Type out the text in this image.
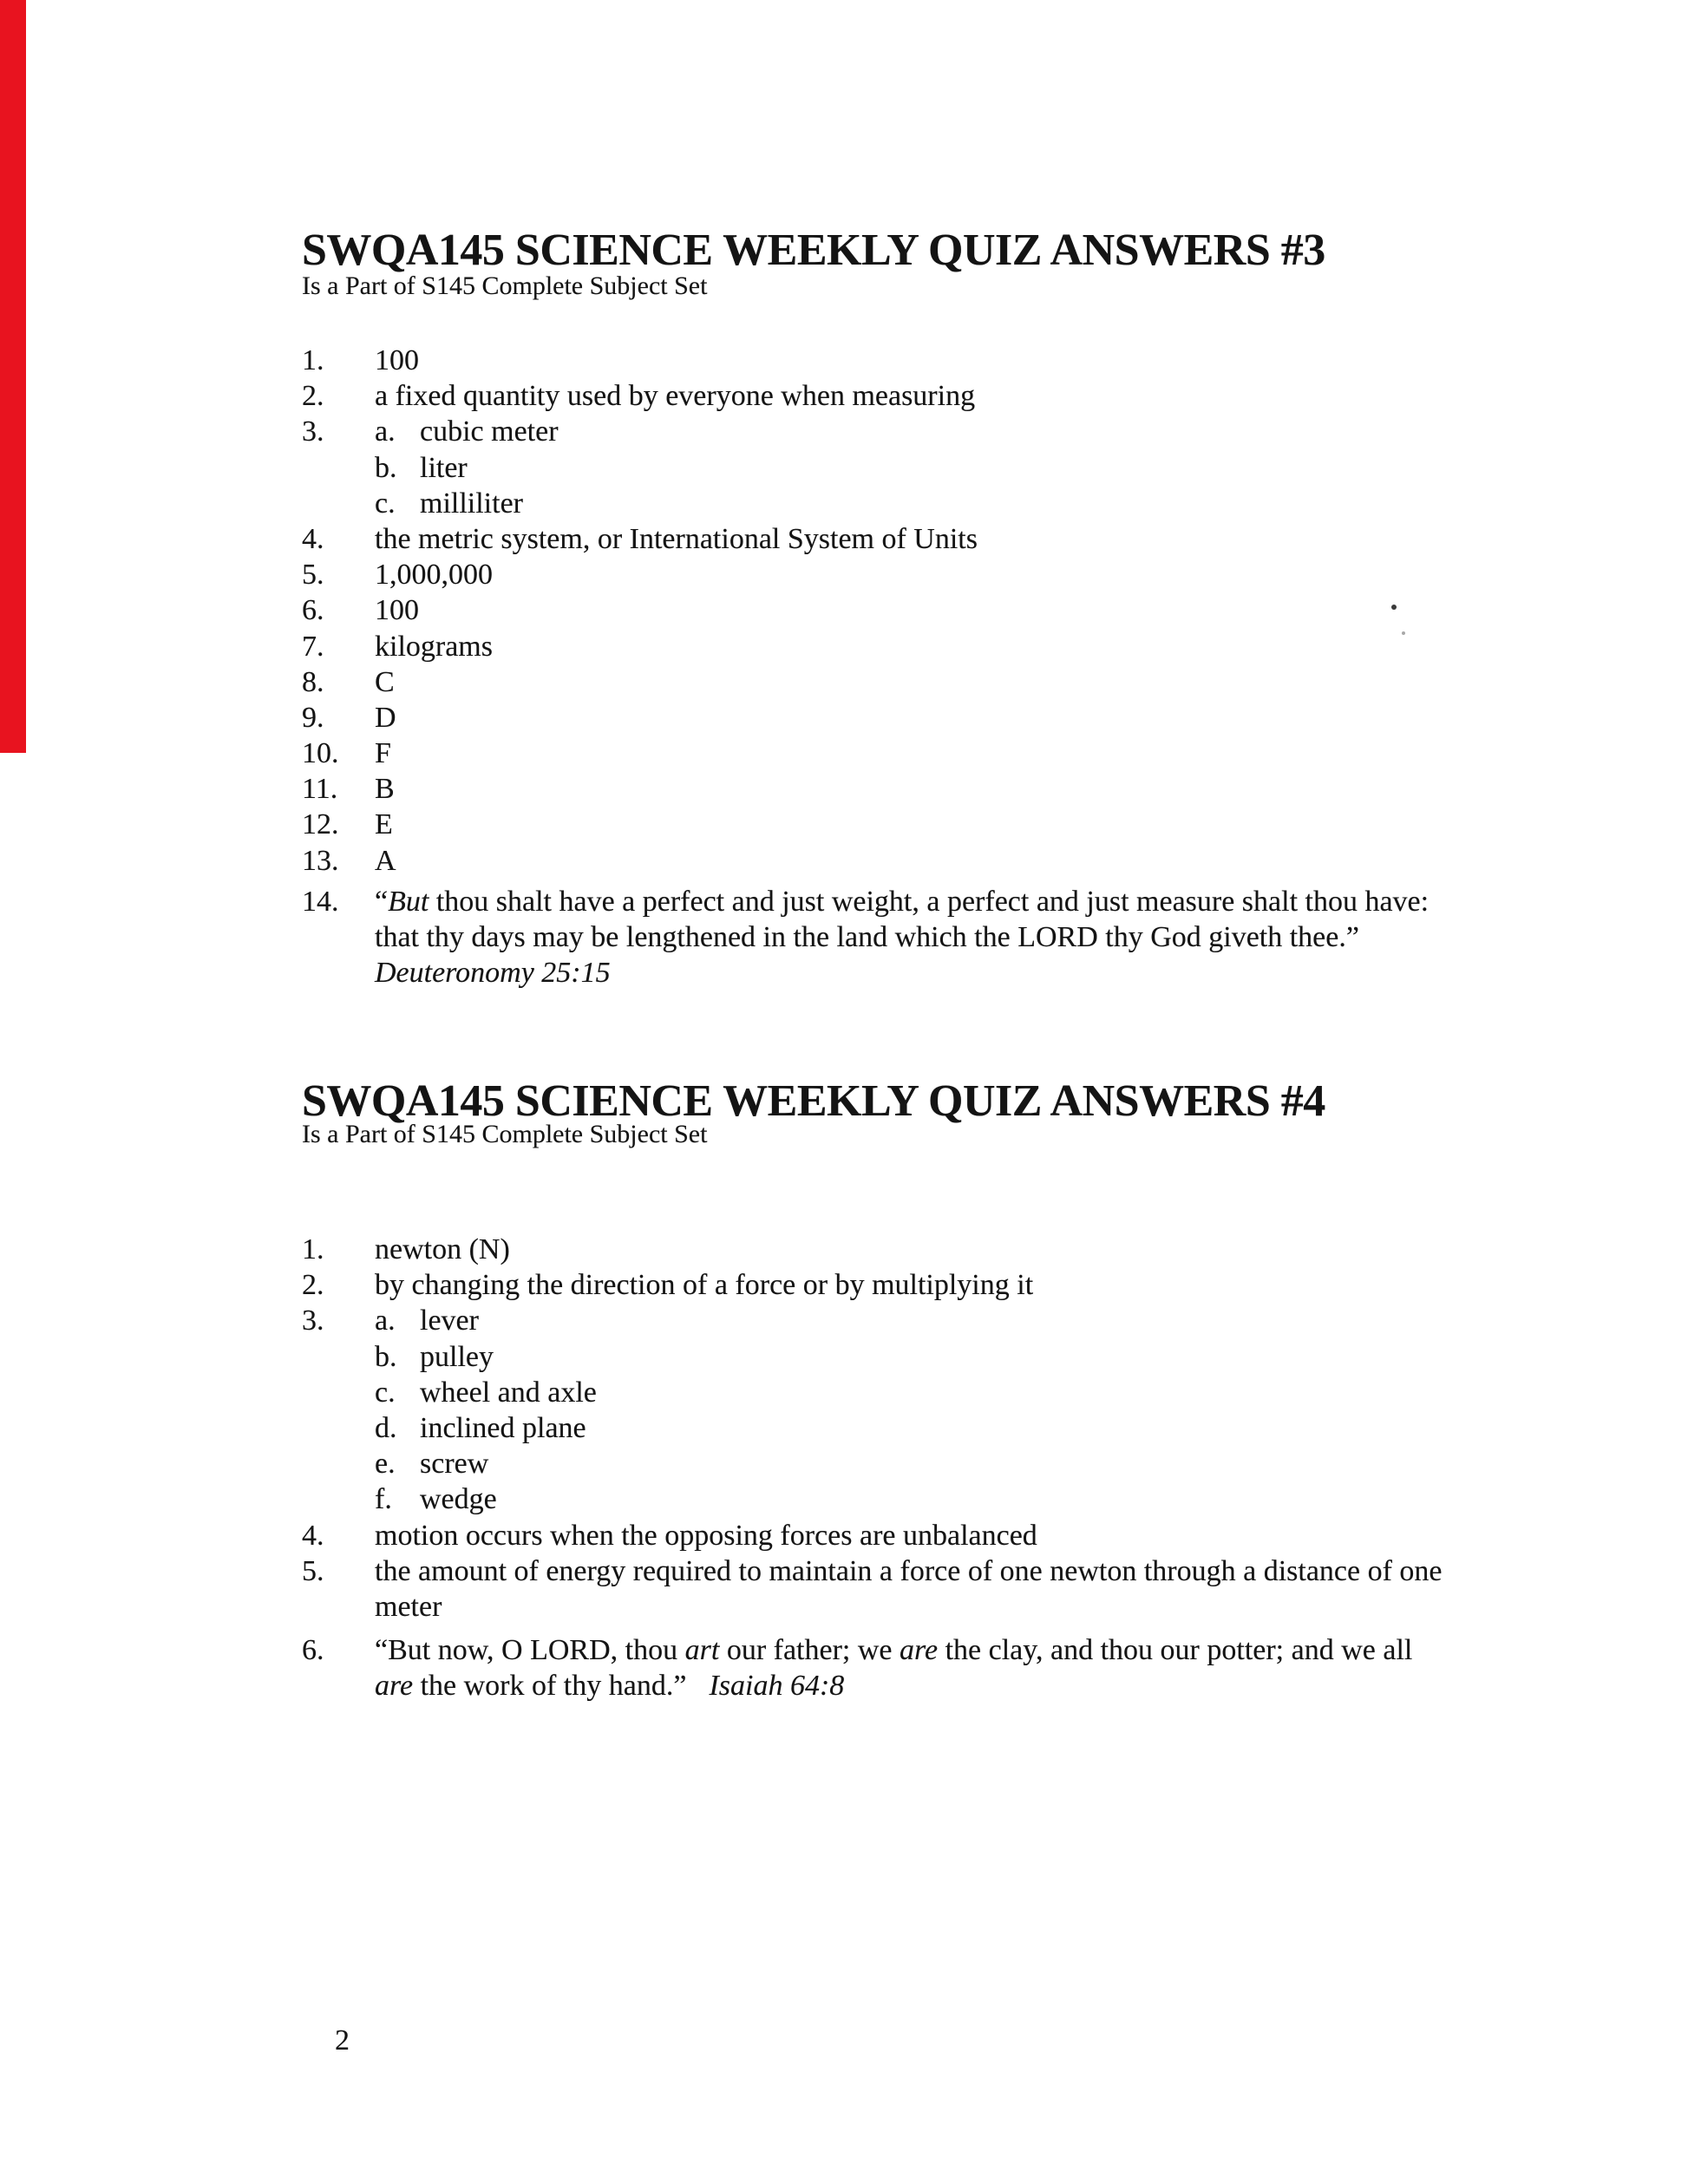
SWQA145 SCIENCE WEEKLY QUIZ ANSWERS #3
Is a Part of S145 Complete Subject Set
1. 100
2. a fixed quantity used by everyone when measuring
3. a. cubic meter
b. liter
c. milliliter
4. the metric system, or International System of Units
5. 1,000,000
6. 100
7. kilograms
8. C
9. D
10. F
11. B
12. E
13. A
14. “But thou shalt have a perfect and just weight, a perfect and just measure shalt thou have:
that thy days may be lengthened in the land which the LORD thy God giveth thee.”
Deuteronomy 25:15
SWQA145 SCIENCE WEEKLY QUIZ ANSWERS #4
Is a Part of S145 Complete Subject Set
1. newton (N)
2. by changing the direction of a force or by multiplying it
3. a. lever
b. pulley
c. wheel and axle
d. inclined plane
e. screw
f. wedge
4. motion occurs when the opposing forces are unbalanced
5. the amount of energy required to maintain a force of one newton through a distance of one
meter
6. “But now, O LORD, thou art our father; we are the clay, and thou our potter; and we all
are the work of thy hand.” Isaiah 64:8
2
